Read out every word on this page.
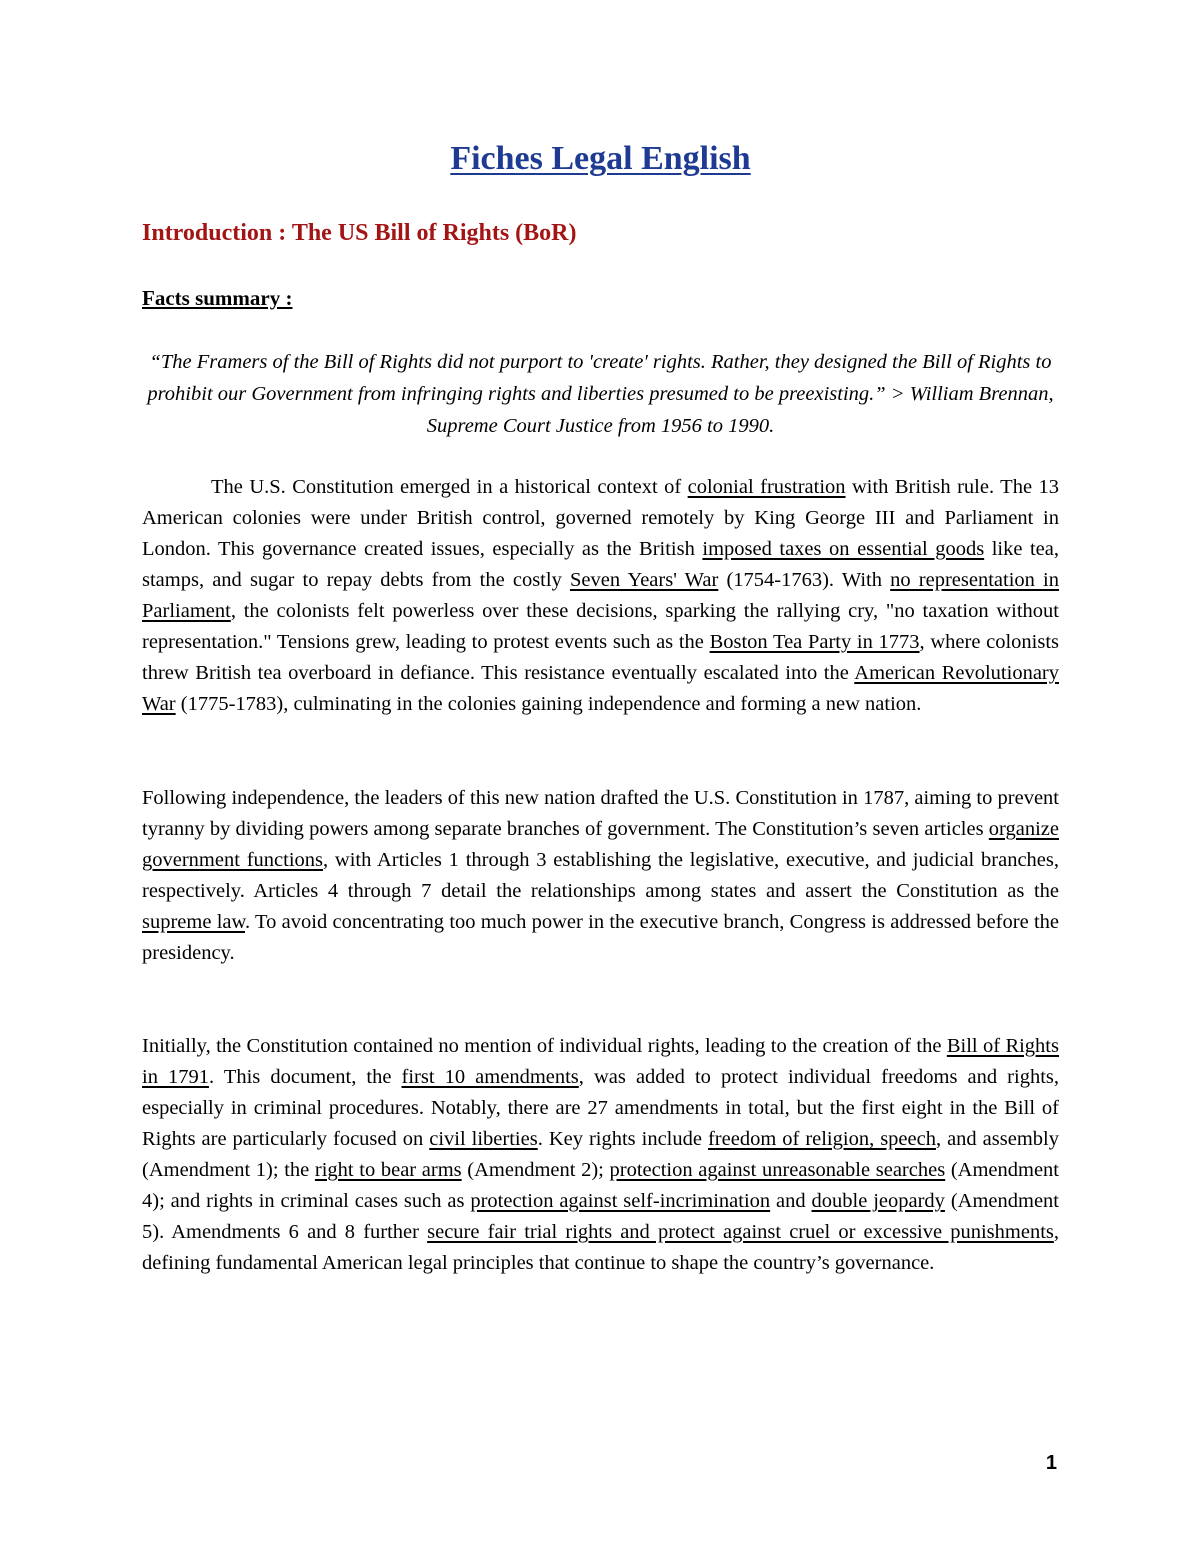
Fiches Legal English
Introduction : The US Bill of Rights (BoR)
Facts summary :

“The Framers of the Bill of Rights did not purport to 'create' rights. Rather, they designed the Bill of Rights to prohibit our Government from infringing rights and liberties presumed to be preexisting.” > William Brennan, Supreme Court Justice from 1956 to 1990.

The U.S. Constitution emerged in a historical context of colonial frustration with British rule. The 13 American colonies were under British control, governed remotely by King George III and Parliament in London. This governance created issues, especially as the British imposed taxes on essential goods like tea, stamps, and sugar to repay debts from the costly Seven Years' War (1754-1763). With no representation in Parliament, the colonists felt powerless over these decisions, sparking the rallying cry, "no taxation without representation." Tensions grew, leading to protest events such as the Boston Tea Party in 1773, where colonists threw British tea overboard in defiance. This resistance eventually escalated into the American Revolutionary War (1775-1783), culminating in the colonies gaining independence and forming a new nation.

Following independence, the leaders of this new nation drafted the U.S. Constitution in 1787, aiming to prevent tyranny by dividing powers among separate branches of government. The Constitution’s seven articles organize government functions, with Articles 1 through 3 establishing the legislative, executive, and judicial branches, respectively. Articles 4 through 7 detail the relationships among states and assert the Constitution as the supreme law. To avoid concentrating too much power in the executive branch, Congress is addressed before the presidency.

Initially, the Constitution contained no mention of individual rights, leading to the creation of the Bill of Rights in 1791. This document, the first 10 amendments, was added to protect individual freedoms and rights, especially in criminal procedures. Notably, there are 27 amendments in total, but the first eight in the Bill of Rights are particularly focused on civil liberties. Key rights include freedom of religion, speech, and assembly (Amendment 1); the right to bear arms (Amendment 2); protection against unreasonable searches (Amendment 4); and rights in criminal cases such as protection against self-incrimination and double jeopardy (Amendment 5). Amendments 6 and 8 further secure fair trial rights and protect against cruel or excessive punishments, defining fundamental American legal principles that continue to shape the country’s governance.

1
